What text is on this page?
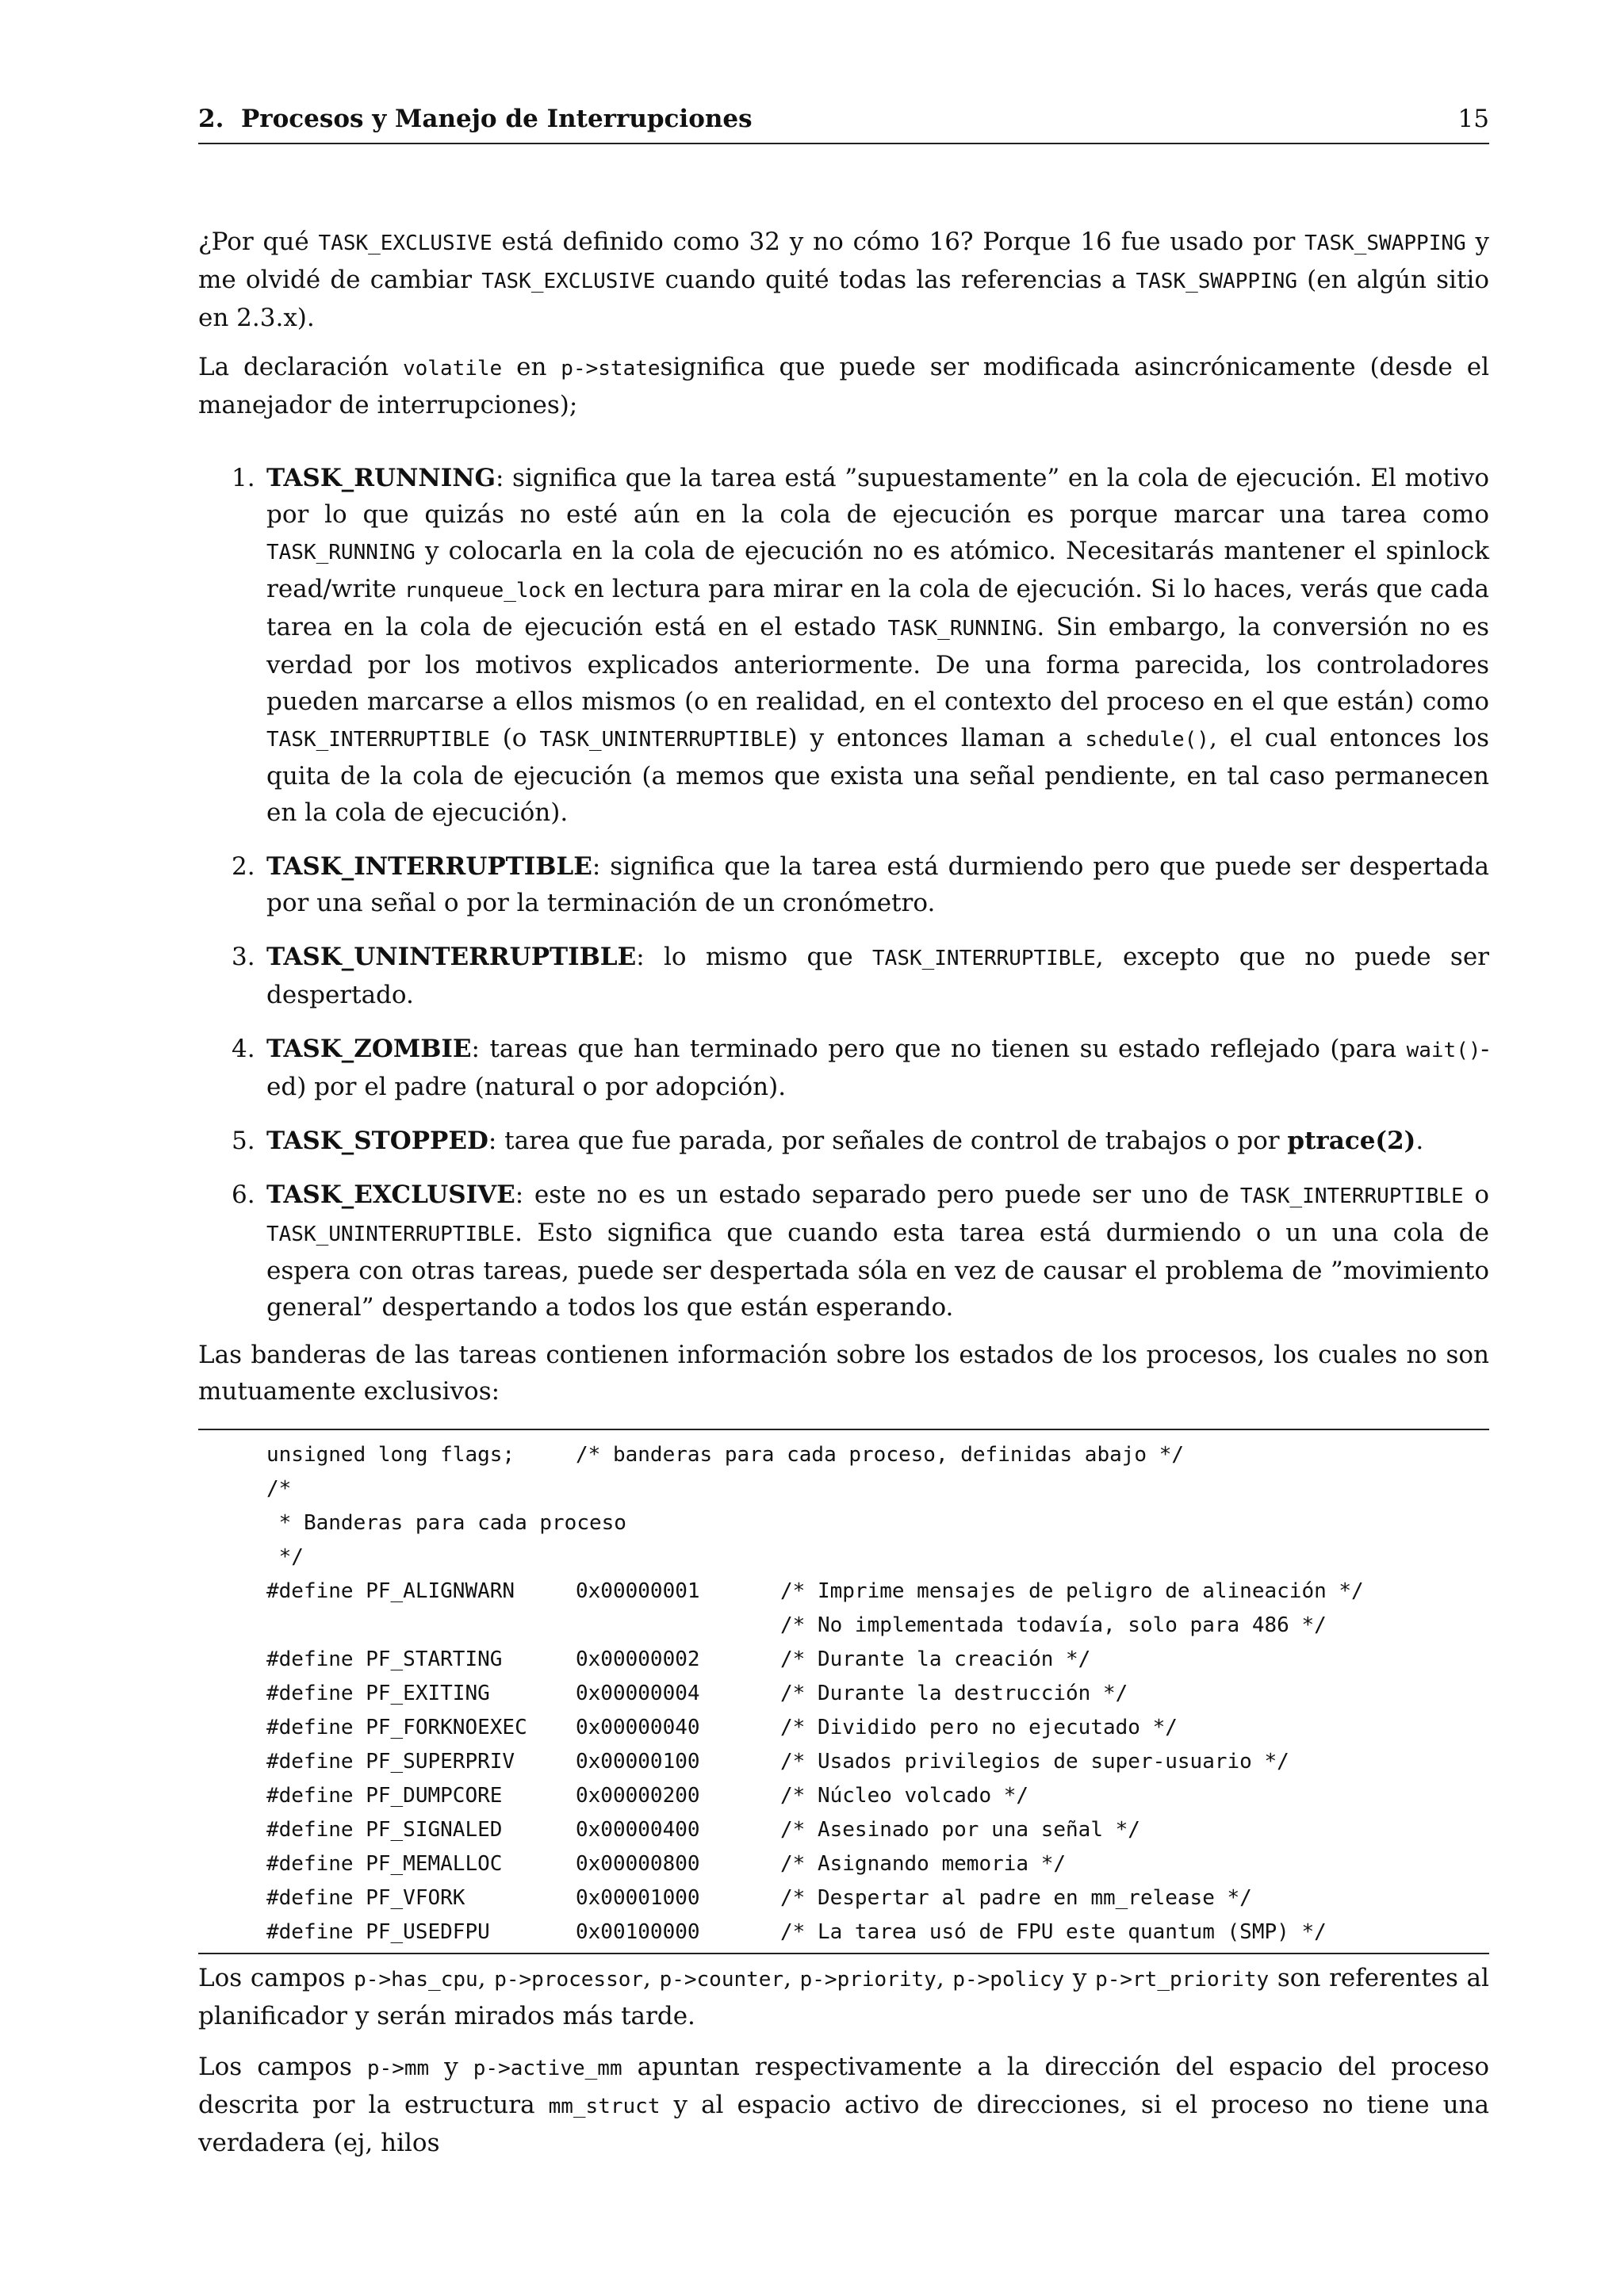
2.  Procesos y Manejo de Interrupciones	15

¿Por qué TASK_EXCLUSIVE está definido como 32 y no cómo 16? Porque 16 fue usado por TASK_SWAPPING y me olvidé de cambiar TASK_EXCLUSIVE cuando quité todas las referencias a TASK_SWAPPING (en algún sitio en 2.3.x).

La declaración volatile en p->statesignifica que puede ser modificada asincrónicamente (desde el manejador de interrupciones);

1. TASK_RUNNING: significa que la tarea está ”supuestamente” en la cola de ejecución. El motivo por lo que quizás no esté aún en la cola de ejecución es porque marcar una tarea como TASK_RUNNING y colocarla en la cola de ejecución no es atómico. Necesitarás mantener el spinlock read/write runqueue_lock en lectura para mirar en la cola de ejecución. Si lo haces, verás que cada tarea en la cola de ejecución está en el estado TASK_RUNNING. Sin embargo, la conversión no es verdad por los motivos explicados anteriormente. De una forma parecida, los controladores pueden marcarse a ellos mismos (o en realidad, en el contexto del proceso en el que están) como TASK_INTERRUPTIBLE (o TASK_UNINTERRUPTIBLE) y entonces llaman a schedule(), el cual entonces los quita de la cola de ejecución (a memos que exista una señal pendiente, en tal caso permanecen en la cola de ejecución).
2. TASK_INTERRUPTIBLE: significa que la tarea está durmiendo pero que puede ser despertada por una señal o por la terminación de un cronómetro.
3. TASK_UNINTERRUPTIBLE: lo mismo que TASK_INTERRUPTIBLE, excepto que no puede ser despertado.
4. TASK_ZOMBIE: tareas que han terminado pero que no tienen su estado reflejado (para wait()-ed) por el padre (natural o por adopción).
5. TASK_STOPPED: tarea que fue parada, por señales de control de trabajos o por ptrace(2).
6. TASK_EXCLUSIVE: este no es un estado separado pero puede ser uno de TASK_INTERRUPTIBLE o TASK_UNINTERRUPTIBLE. Esto significa que cuando esta tarea está durmiendo o un una cola de espera con otras tareas, puede ser despertada sóla en vez de causar el problema de ”movimiento general” despertando a todos los que están esperando.

Las banderas de las tareas contienen información sobre los estados de los procesos, los cuales no son mutuamente exclusivos:

unsigned long flags;	/* banderas para cada proceso, definidas abajo */
/*
* Banderas para cada proceso
*/
#define PF_ALIGNWARN	0x00000001	/* Imprime mensajes de peligro de alineación */
/* No implementada todavía, solo para 486 */
#define PF_STARTING	0x00000002	/* Durante la creación */
#define PF_EXITING	0x00000004	/* Durante la destrucción */
#define PF_FORKNOEXEC 0x00000040	/* Dividido pero no ejecutado */
#define PF_SUPERPRIV	0x00000100	/* Usados privilegios de super-usuario */
#define PF_DUMPCORE	0x00000200	/* Núcleo volcado */
#define PF_SIGNALED	0x00000400	/* Asesinado por una señal */
#define PF_MEMALLOC	0x00000800	/* Asignando memoria */
#define PF_VFORK	0x00001000	/* Despertar al padre en mm_release */
#define PF_USEDFPU	0x00100000	/* La tarea usó de FPU este quantum (SMP) */

Los campos p->has_cpu, p->processor, p->counter, p->priority, p->policy y p->rt_priority son referentes al planificador y serán mirados más tarde.

Los campos p->mm y p->active_mm apuntan respectivamente a la dirección del espacio del proceso descrita por la estructura mm_struct y al espacio activo de direcciones, si el proceso no tiene una verdadera (ej, hilos
